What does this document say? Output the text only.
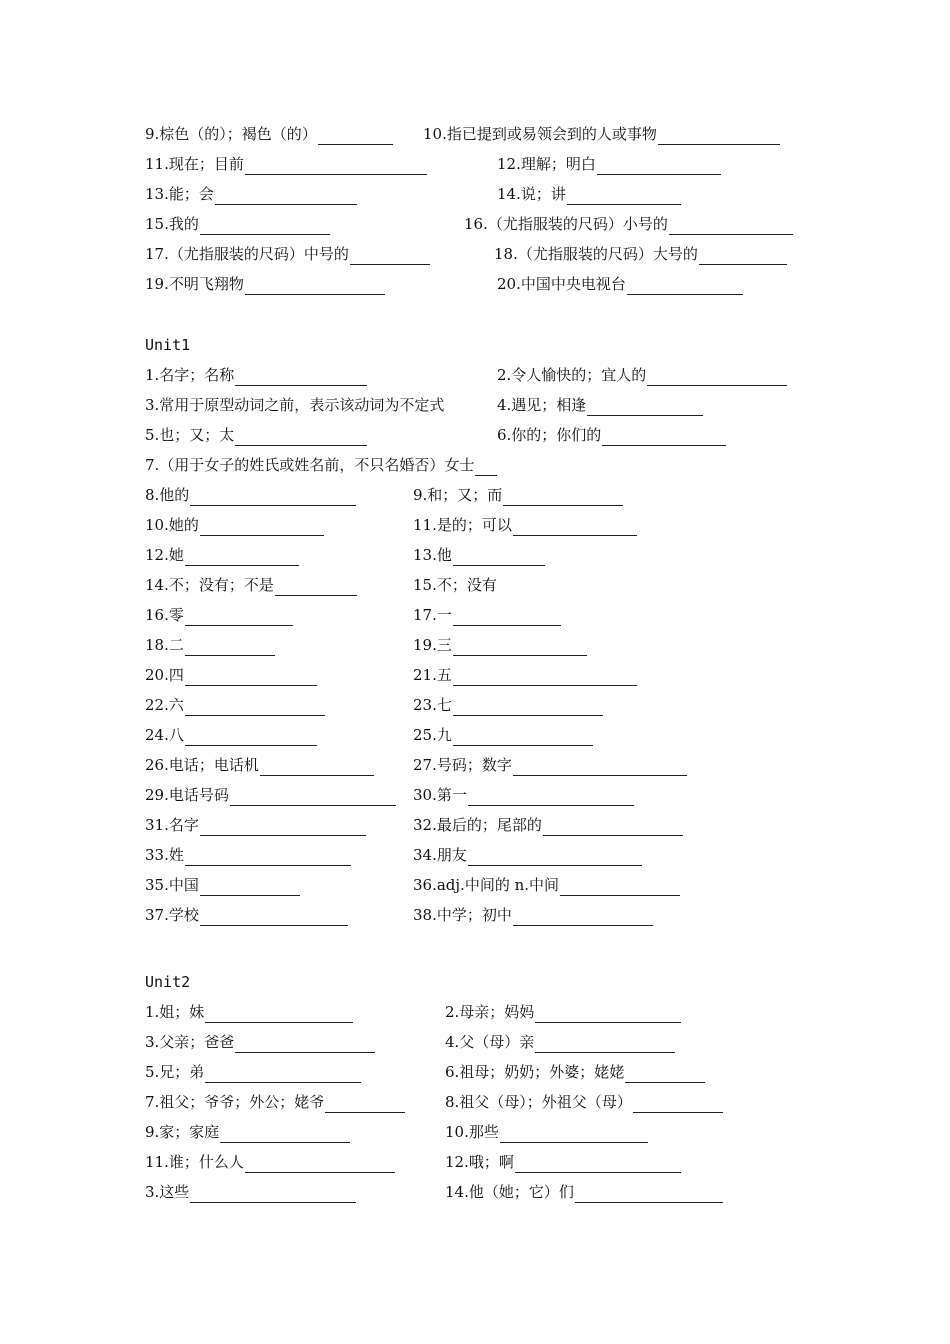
9.棕色（的）；褐色（的）	10.指已提到或易领会到的人或事物
11.现在；目前	12.理解；明白
13.能；会	14.说；讲
15.我的	16.（尤指服装的尺码）小号的
17.（尤指服装的尺码）中号的	18.（尤指服装的尺码）大号的
19.不明飞翔物	20.中国中央电视台
Unit1
1.名字；名称	2.令人愉快的；宜人的
3.常用于原型动词之前，表示该动词为不定式	4.遇见；相逢
5.也；又；太	6.你的；你们的
7.（用于女子的姓氏或姓名前，不只名婚否）女士
8.他的	9.和；又；而
10.她的	11.是的；可以
12.她	13.他
14.不；没有；不是	15.不；没有
16.零	17.一
18.二	19.三
20.四	21.五
22.六	23.七
24.八	25.九
26.电话；电话机	27.号码；数字
29.电话号码	30.第一
31.名字	32.最后的；尾部的
33.姓	34.朋友
35.中国	36.adj.中间的 n.中间
37.学校	38.中学；初中
Unit2
1.姐；妹	2.母亲；妈妈
3.父亲；爸爸	4.父（母）亲
5.兄；弟	6.祖母；奶奶；外婆；姥姥
7.祖父；爷爷；外公；姥爷	8.祖父（母）；外祖父（母）
9.家；家庭	10.那些
11.谁；什么人	12.哦；啊
3.这些	14.他（她；它）们
